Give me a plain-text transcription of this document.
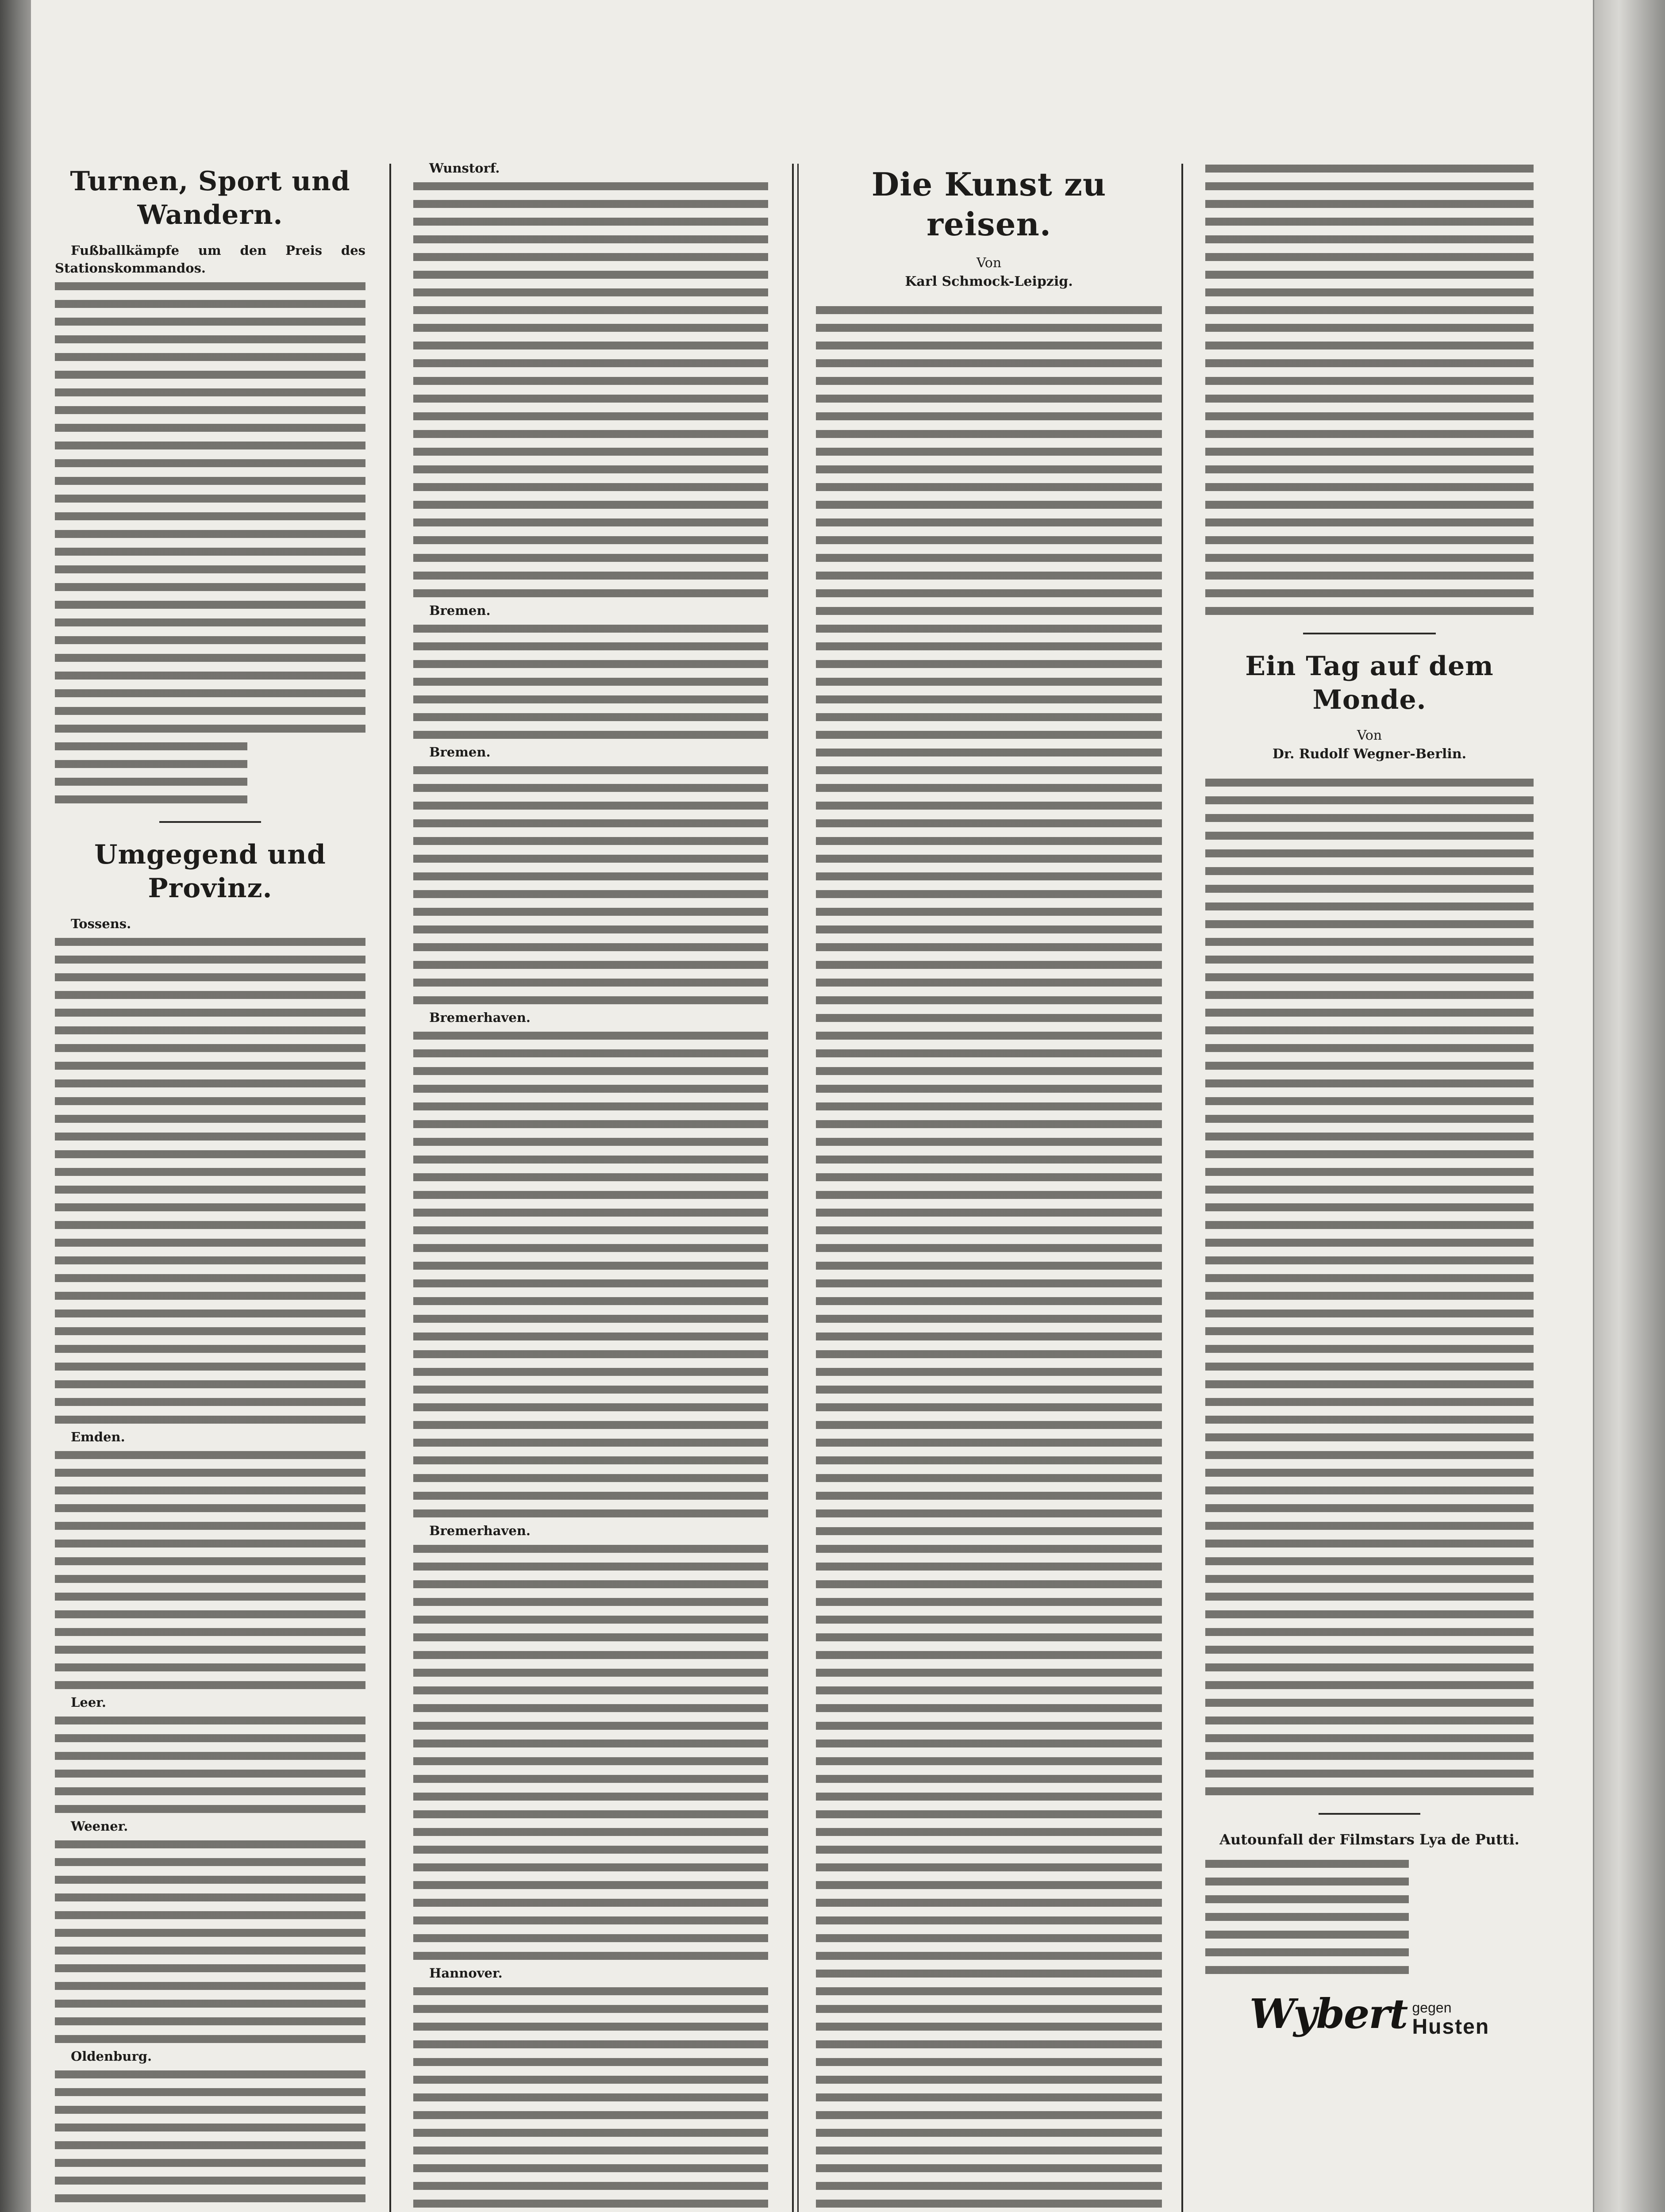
Turnen, Sport und Wandern.
Fußballkämpfe um den Preis des Stationskommandos.
Umgegend und Provinz.
Tossens.
Emden.
Leer.
Weener.
Oldenburg.
Wunstorf.
Bremen.
Bremen.
Bremerhaven.
Bremerhaven.
Hannover.
Die Kunst zu reisen.

Von

Karl Schmock-Leipzig.

Ein Tag auf dem Monde.

Von

Dr. Rudolf Wegner-Berlin.

Autounfall der Filmstars Lya de Putti.
Wybert gegen
Husten
